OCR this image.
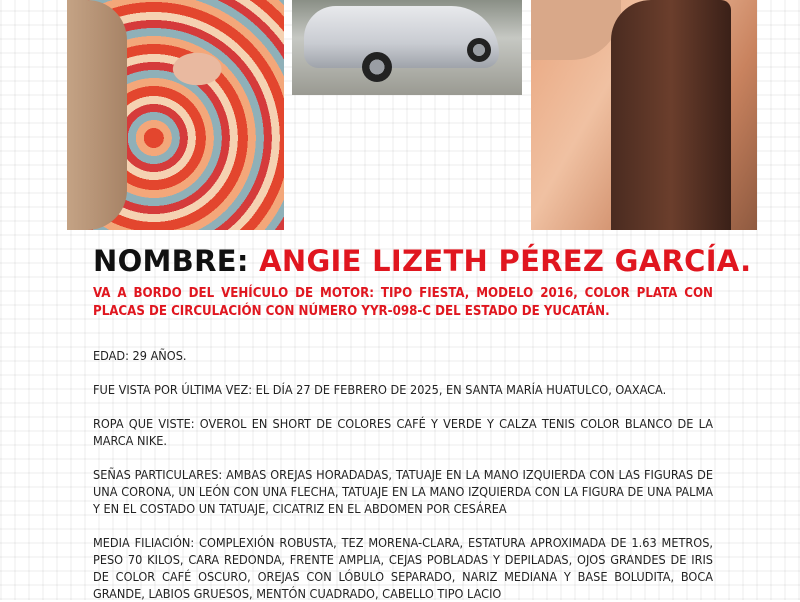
NOMBRE: ANGIE LIZETH PÉREZ GARCÍA.
VA A BORDO DEL VEHÍCULO DE MOTOR: TIPO FIESTA, MODELO 2016, COLOR PLATA CON PLACAS DE CIRCULACIÓN CON NÚMERO YYR-098-C DEL ESTADO DE YUCATÁN.

EDAD: 29 AÑOS.

FUE VISTA POR ÚLTIMA VEZ: EL DÍA 27 DE FEBRERO DE 2025, EN SANTA MARÍA HUATULCO, OAXACA.

ROPA QUE VISTE: OVEROL EN SHORT DE COLORES CAFÉ Y VERDE Y CALZA TENIS COLOR BLANCO DE LA MARCA NIKE.

SEÑAS PARTICULARES: AMBAS OREJAS HORADADAS, TATUAJE EN LA MANO IZQUIERDA CON LAS FIGURAS DE UNA CORONA, UN LEÓN CON UNA FLECHA, TATUAJE EN LA MANO IZQUIERDA CON LA FIGURA DE UNA PALMA Y EN EL COSTADO UN TATUAJE, CICATRIZ EN EL ABDOMEN POR CESÁREA

MEDIA FILIACIÓN: COMPLEXIÓN ROBUSTA, TEZ MORENA-CLARA, ESTATURA APROXIMADA DE 1.63 METROS, PESO 70 KILOS, CARA REDONDA, FRENTE AMPLIA, CEJAS POBLADAS Y DEPILADAS, OJOS GRANDES DE IRIS DE COLOR CAFÉ OSCURO, OREJAS CON LÓBULO SEPARADO, NARIZ MEDIANA Y BASE BOLUDITA, BOCA GRANDE, LABIOS GRUESOS, MENTÓN CUADRADO, CABELLO TIPO LACIO
